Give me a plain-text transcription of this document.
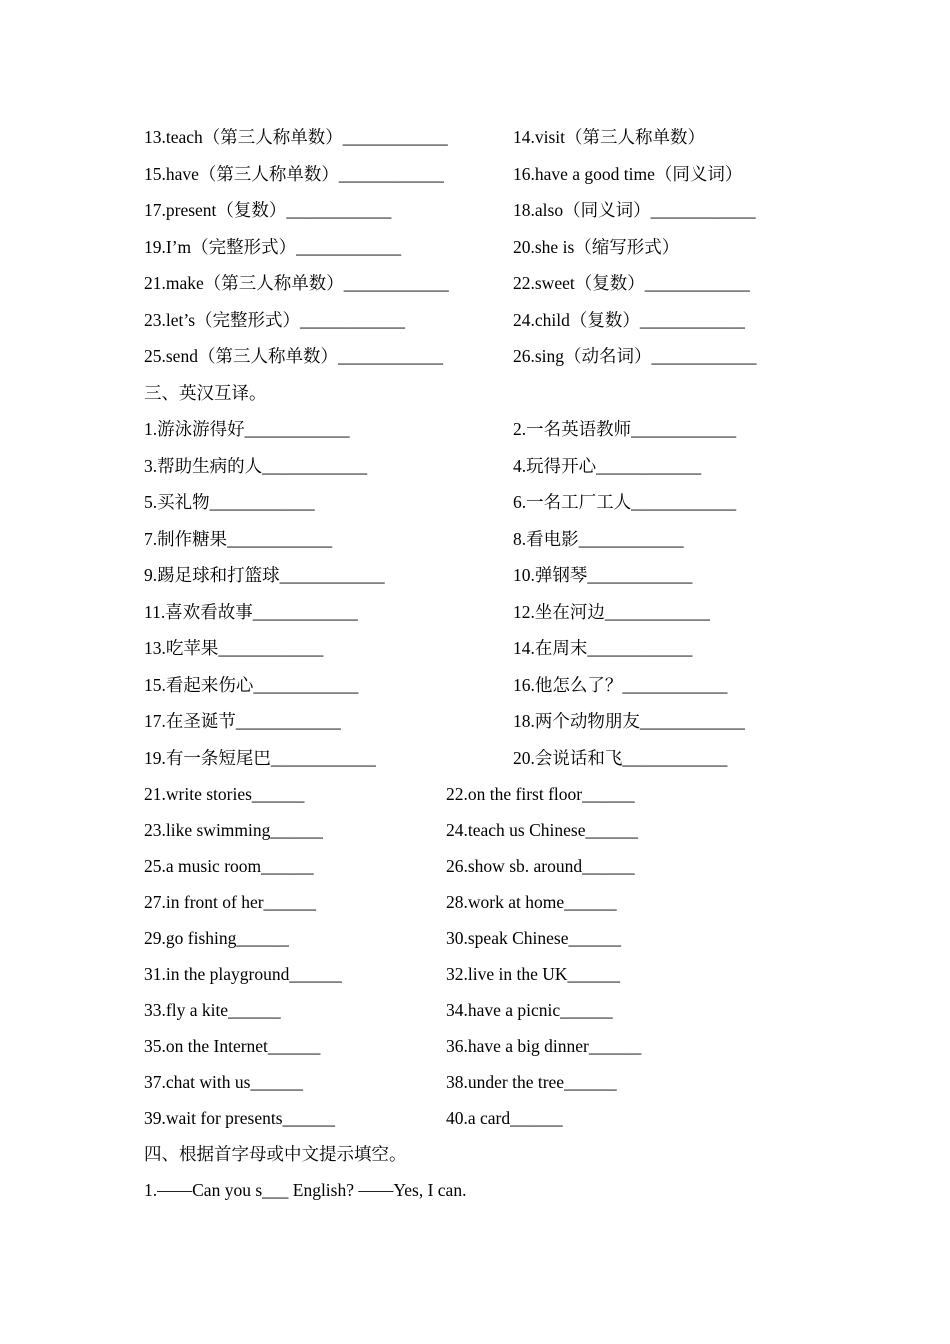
13.teach（第三人称单数）____________	14.visit（第三人称单数）
15.have（第三人称单数）____________	16.have a good time（同义词）
17.present（复数）____________	18.also（同义词）____________
19.I’m（完整形式）____________	20.she is（缩写形式）
21.make（第三人称单数）____________	22.sweet（复数）____________
23.let’s（完整形式）____________	24.child（复数）____________
25.send（第三人称单数）____________	26.sing（动名词）____________
三、英汉互译。
1.游泳游得好____________	2.一名英语教师____________
3.帮助生病的人____________	4.玩得开心____________
5.买礼物____________	6.一名工厂工人____________
7.制作糖果____________	8.看电影____________
9.踢足球和打篮球____________	10.弹钢琴____________
11.喜欢看故事____________	12.坐在河边____________
13.吃苹果____________	14.在周末____________
15.看起来伤心____________	16.他怎么了？____________
17.在圣诞节____________	18.两个动物朋友____________
19.有一条短尾巴____________	20.会说话和飞____________
21.write stories______	22.on the first floor______
23.like swimming______	24.teach us Chinese______
25.a music room______	26.show sb. around______
27.in front of her______	28.work at home______
29.go fishing______	30.speak Chinese______
31.in the playground______	32.live in the UK______
33.fly a kite______	34.have a picnic______
35.on the Internet______	36.have a big dinner______
37.chat with us______	38.under the tree______
39.wait for presents______	40.a card______
四、根据首字母或中文提示填空。
1.——Can you s___ English? ——Yes, I can.
